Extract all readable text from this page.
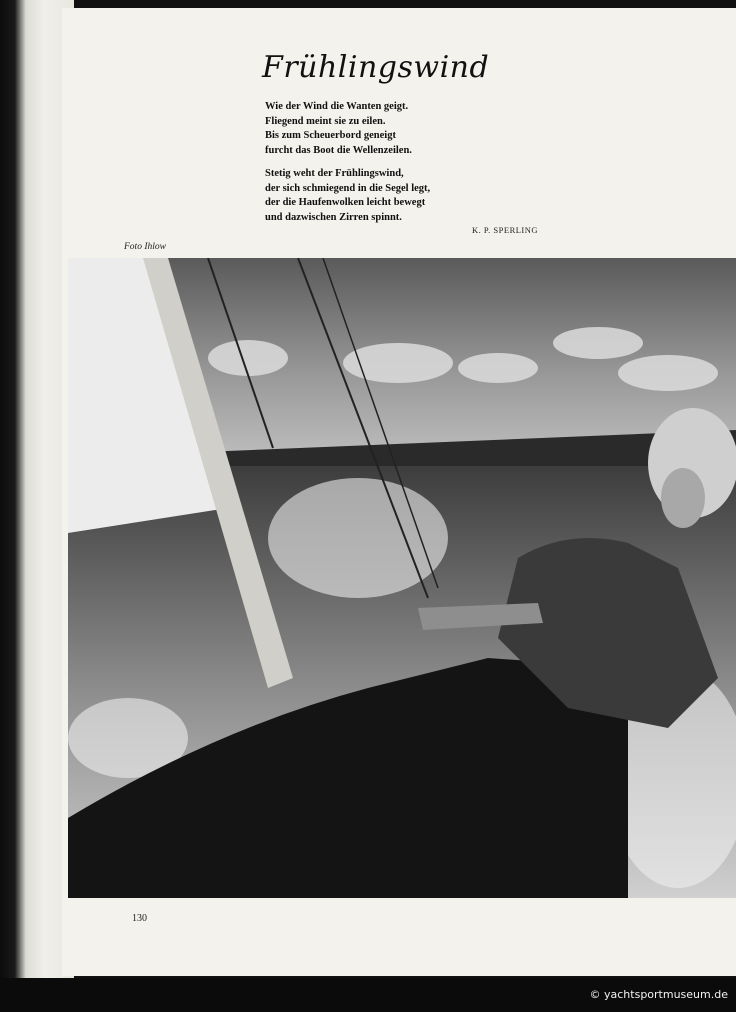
Frühlingswind
Wie der Wind die Wanten geigt.
Fliegend meint sie zu eilen.
Bis zum Scheuerbord geneigt
furcht das Boot die Wellenzeilen.
Stetig weht der Frühlingswind,
der sich schmiegend in die Segel legt,
der die Haufenwolken leicht bewegt
und dazwischen Zirren spinnt.
K. P. SPERLING
Foto Ihlow
130
© yachtsportmuseum.de
